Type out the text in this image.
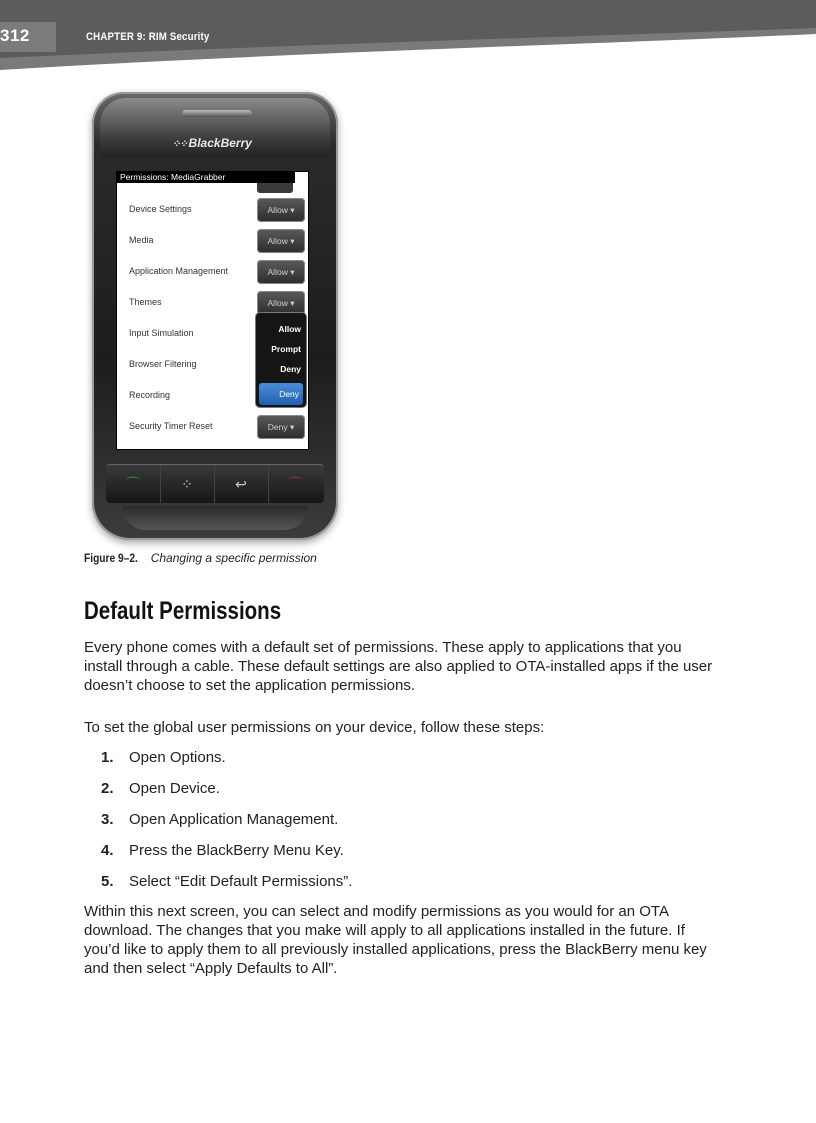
312	CHAPTER 9: RIM Security
⁘⁘ BlackBerry
Permissions: MediaGrabber
Device Settings	Allow ▾
Media	Allow ▾
Application Management	Allow ▾
Themes	Allow ▾
Input Simulation
Browser Filtering
Recording
Security Timer Reset	Deny ▾
Allow
Prompt
Deny
Deny
⌒	⁘	↩	⌒
Figure 9–2. Changing a specific permission
Default Permissions
Every phone comes with a default set of permissions. These apply to applications that you install through a cable. These default settings are also applied to OTA-installed apps if the user doesn’t choose to set the application permissions.
To set the global user permissions on your device, follow these steps:
1. Open Options.
2. Open Device.
3. Open Application Management.
4. Press the BlackBerry Menu Key.
5. Select “Edit Default Permissions”.
Within this next screen, you can select and modify permissions as you would for an OTA download. The changes that you make will apply to all applications installed in the future. If you’d like to apply them to all previously installed applications, press the BlackBerry menu key and then select “Apply Defaults to All”.
